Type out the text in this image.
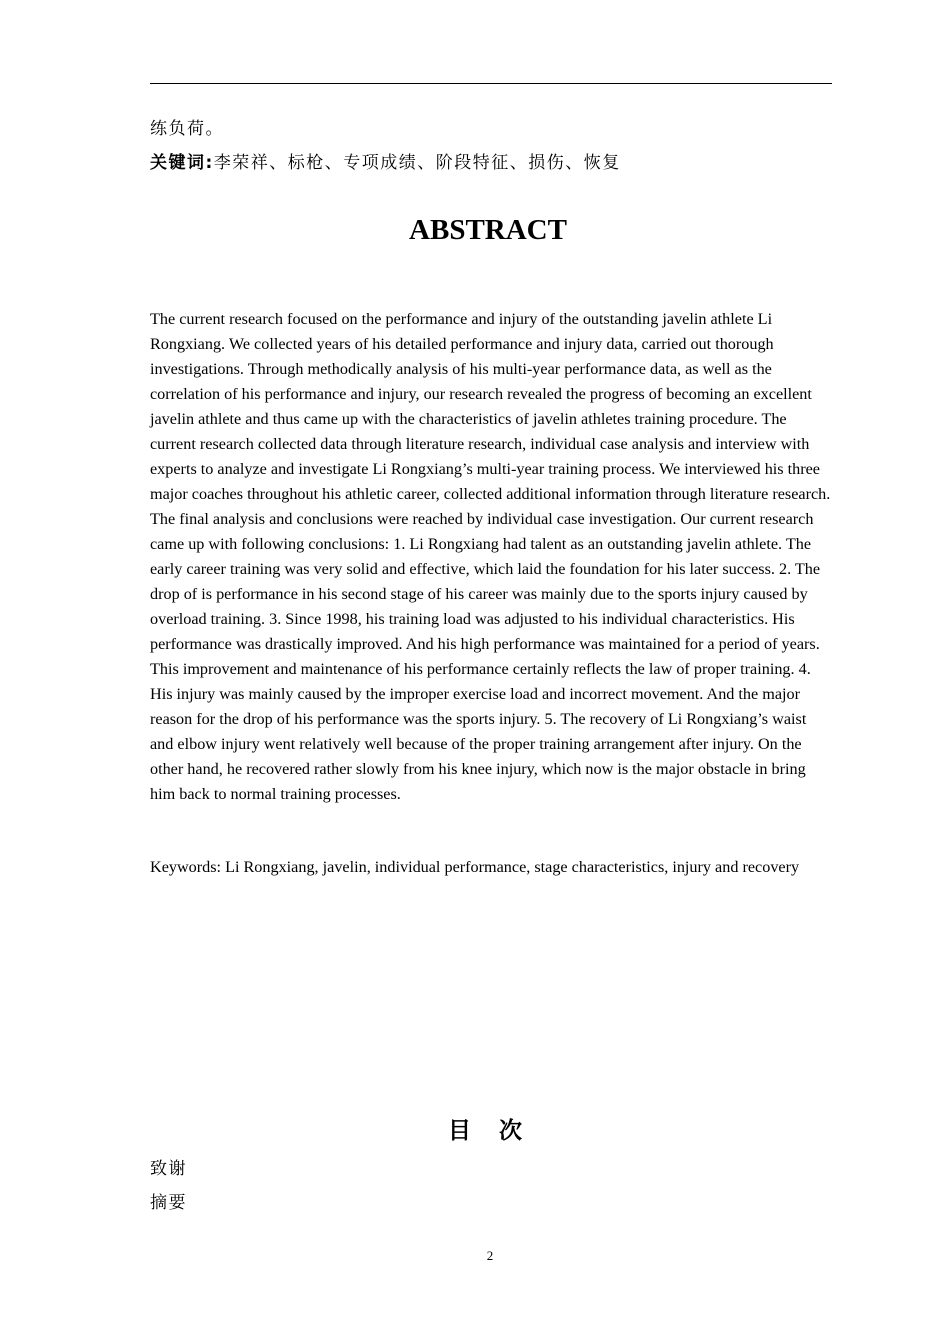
练负荷。
关键词:李荣祥、标枪、专项成绩、阶段特征、损伤、恢复
ABSTRACT

The current research focused on the performance and injury of the outstanding javelin athlete Li Rongxiang. We collected years of his detailed performance and injury data, carried out thorough investigations. Through methodically analysis of his multi-year performance data, as well as the correlation of his performance and injury, our research revealed the progress of becoming an excellent javelin athlete and thus came up with the characteristics of javelin athletes training procedure. The current research collected data through literature research, individual case analysis and interview with experts to analyze and investigate Li Rongxiang’s multi-year training process. We interviewed his three major coaches throughout his athletic career, collected additional information through literature research. The final analysis and conclusions were reached by individual case investigation. Our current research came up with following conclusions: 1. Li Rongxiang had talent as an outstanding javelin athlete. The early career training was very solid and effective, which laid the foundation for his later success. 2. The drop of is performance in his second stage of his career was mainly due to the sports injury caused by overload training. 3. Since 1998, his training load was adjusted to his individual characteristics. His performance was drastically improved. And his high performance was maintained for a period of years. This improvement and maintenance of his performance certainly reflects the law of proper training. 4. His injury was mainly caused by the improper exercise load and incorrect movement. And the major reason for the drop of his performance was the sports injury. 5. The recovery of Li Rongxiang’s waist and elbow injury went relatively well because of the proper training arrangement after injury. On the other hand, he recovered rather slowly from his knee injury, which now is the major obstacle in bring him back to normal training processes.

Keywords: Li Rongxiang, javelin, individual performance, stage characteristics, injury and recovery
目 次
致谢
摘要
2
